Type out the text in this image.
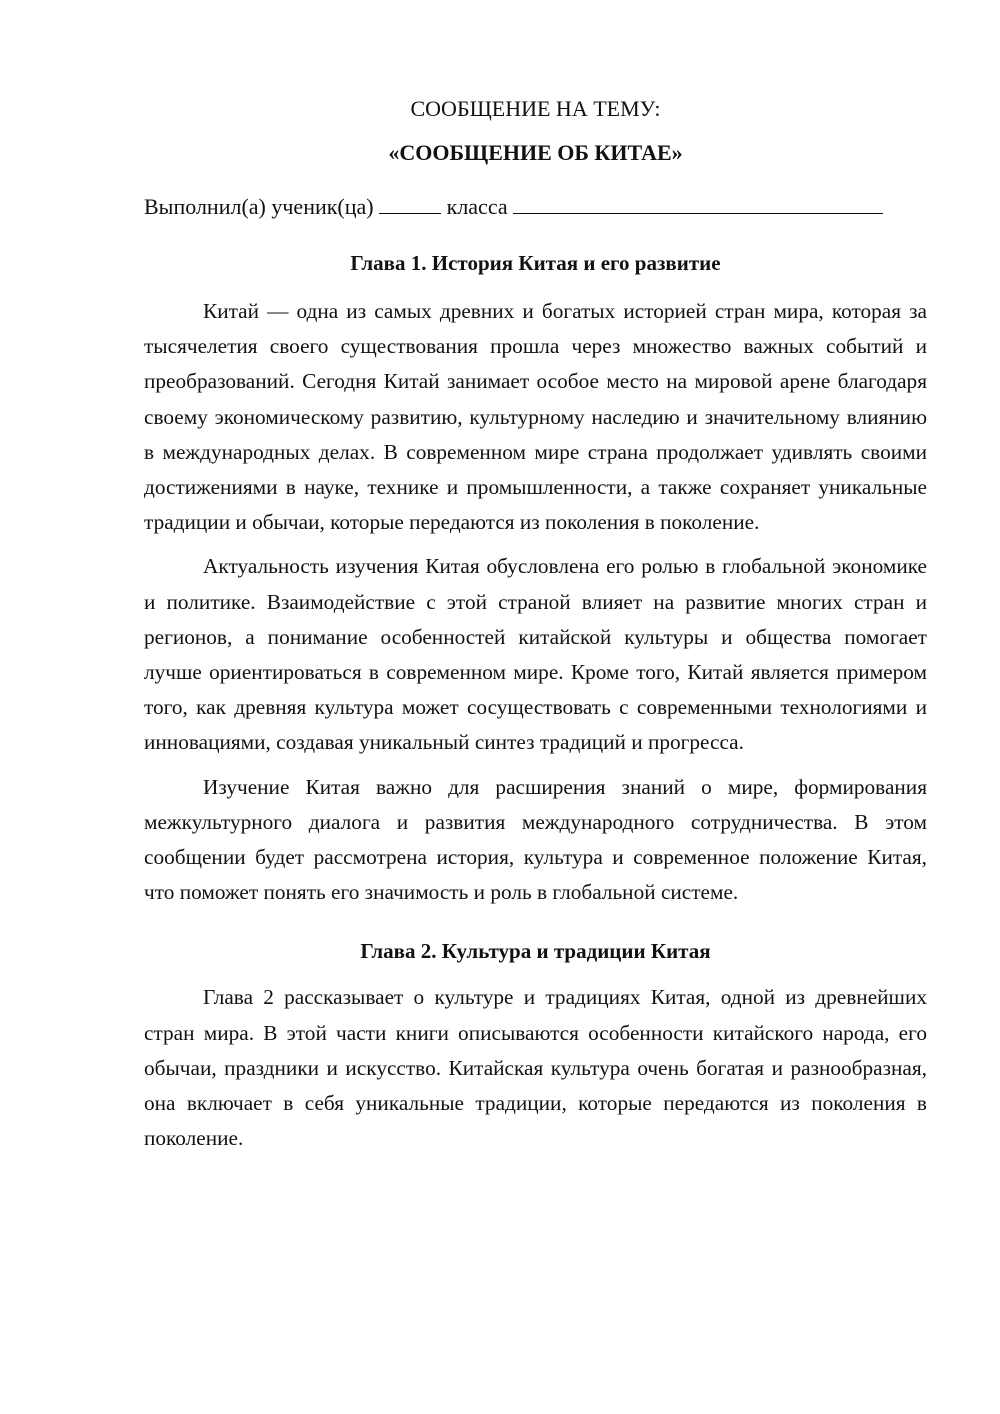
СООБЩЕНИЕ НА ТЕМУ:

«СООБЩЕНИЕ ОБ КИТАЕ»

Выполнил(а) ученик(ца)	класса
Глава 1. История Китая и его развитие

Китай — одна из самых древних и богатых историей стран мира, которая за тысячелетия своего существования прошла через множество важных событий и преобразований. Сегодня Китай занимает особое место на мировой арене благодаря своему экономическому развитию, культурному наследию и значительному влиянию в международных делах. В современном мире страна продолжает удивлять своими достижениями в науке, технике и промышленности, а также сохраняет уникальные традиции и обычаи, которые передаются из поколения в поколение.

Актуальность изучения Китая обусловлена его ролью в глобальной экономике и политике. Взаимодействие с этой страной влияет на развитие многих стран и регионов, а понимание особенностей китайской культуры и общества помогает лучше ориентироваться в современном мире. Кроме того, Китай является примером того, как древняя культура может сосуществовать с современными технологиями и инновациями, создавая уникальный синтез традиций и прогресса.

Изучение Китая важно для расширения знаний о мире, формирования межкультурного диалога и развития международного сотрудничества. В этом сообщении будет рассмотрена история, культура и современное положение Китая, что поможет понять его значимость и роль в глобальной системе.

Глава 2. Культура и традиции Китая

Глава 2 рассказывает о культуре и традициях Китая, одной из древнейших стран мира. В этой части книги описываются особенности китайского народа, его обычаи, праздники и искусство. Китайская культура очень богатая и разнообразная, она включает в себя уникальные традиции, которые передаются из поколения в поколение.
